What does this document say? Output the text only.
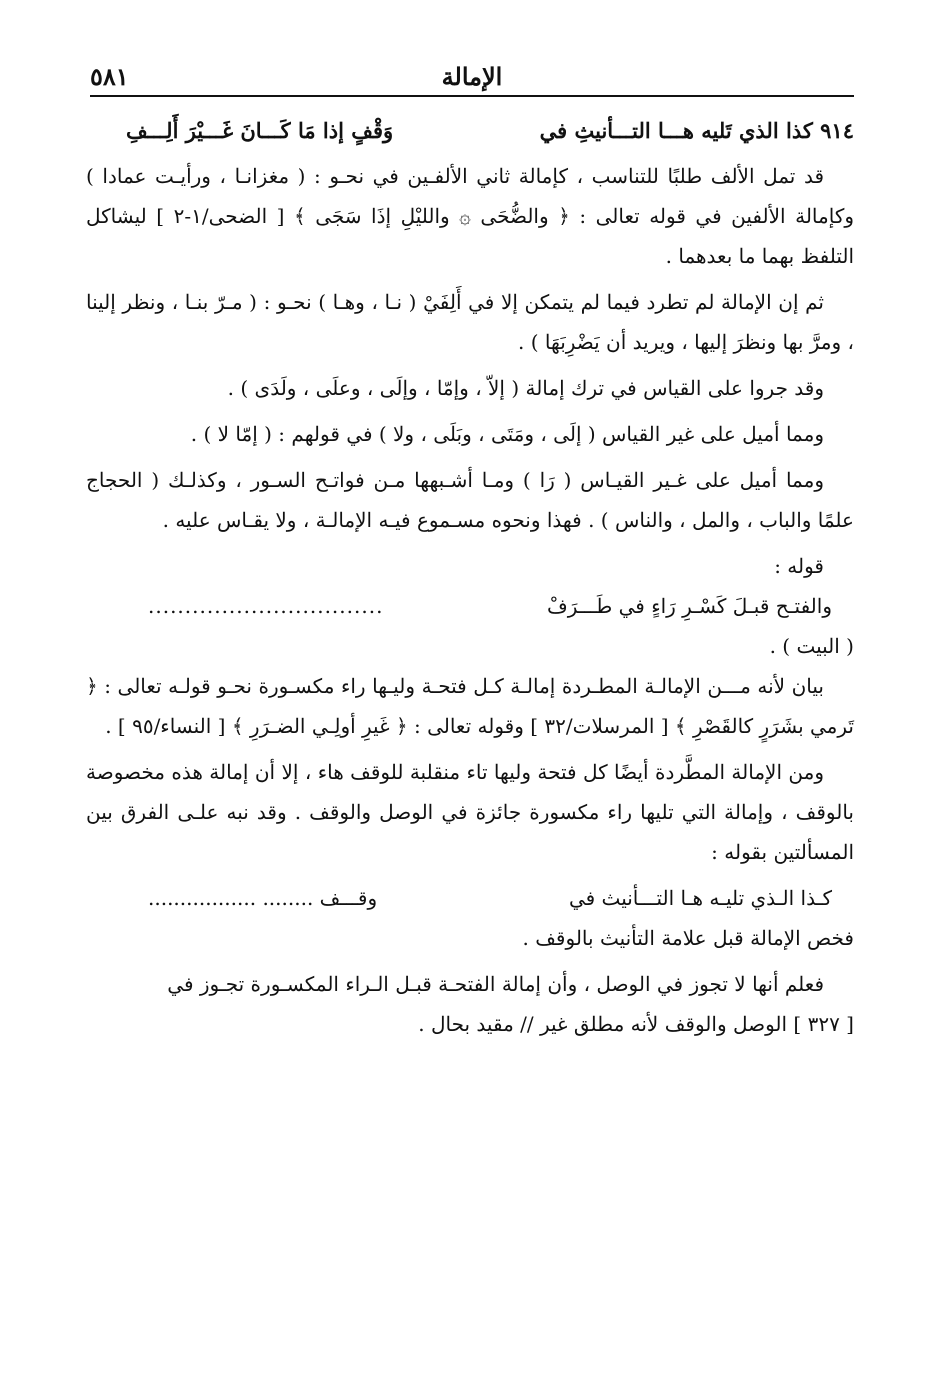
الإمالة
٥٨١
٩١٤ كذا الذي تَليه هـــا التـــأنيثِ في
وَقْفٍ إذا مَا كَـــانَ غَـــيْرَ أَلِـــفِ

قد تمل الألف طلبًا للتناسب ، كإمالة ثاني الألفـين في نحـو : ( مغزانـا ، ورأيـت عمادا ) وكإمالة الألفين في قوله تعالى : ﴿ والضُّحَى ۞ والليْلِ إذَا سَجَى ﴾ [ الضحى/١-٢ ] ليشاكل التلفظ بهما ما بعدهما .

ثم إن الإمالة لم تطرد فيما لم يتمكن إلا في أَلِفَيْ ( نـا ، وهـا ) نحـو : ( مـرّ بنـا ، ونظر إلينا ، ومرَّ بها ونظرَ إليها ، ويريد أن يَضْرِبَهَا ) .

وقد جروا على القياس في ترك إمالة ( إلاّ ، وإمّا ، وإلَى ، وعلَى ، ولَدَى ) .

ومما أميل على غير القياس ( إلَى ، ومَتَى ، وبَلَى ، ولا ) في قولهم : ( إمّا لا ) .

ومما أميل على غـير القيـاس ( رَا ) ومـا أشـبهها مـن فواتـح السـور ، وكذلـك ( الحجاج علمًا والباب ، والمل ، والناس ) . فهذا ونحوه مسـموع فيـه الإمالـة ، ولا يقـاس عليه .

قوله :
والفتـح قبـلَ كَسْـرِ رَاءٍ في طَـــرَفْ
................................
( البيت ) .

بيان لأنه مـــن الإمالـة المطـردة إمالـة كـل فتحـة وليـها راء مكسـورة نحـو قولـه تعالى : ﴿ تَرمي بشَرَرٍ كالقَصْرِ ﴾ [ المرسلات/٣٢ ] وقوله تعالى : ﴿ غَيرِ أولِـي الضـرَرِ ﴾ [ النساء/٩٥ ] .

ومن الإمالة المطَّردة أيضًا كل فتحة وليها تاء منقلبة للوقف هاء ، إلا أن إمالة هذه مخصوصة بالوقف ، وإمالة التي تليها راء مكسورة جائزة في الوصل والوقف . وقد نبه علـى الفرق بين المسألتين بقوله :

كـذا الـذي تليـه هـا التـــأنيث في
وقـــف ........ .................
فخص الإمالة قبل علامة التأنيث بالوقف .

فعلم أنها لا تجوز في الوصل ، وأن إمالة الفتحـة قبـل الـراء المكسـورة تجـوز في

[ ٣٢٧ ] الوصل والوقف لأنه مطلق غير // مقيد بحال .
